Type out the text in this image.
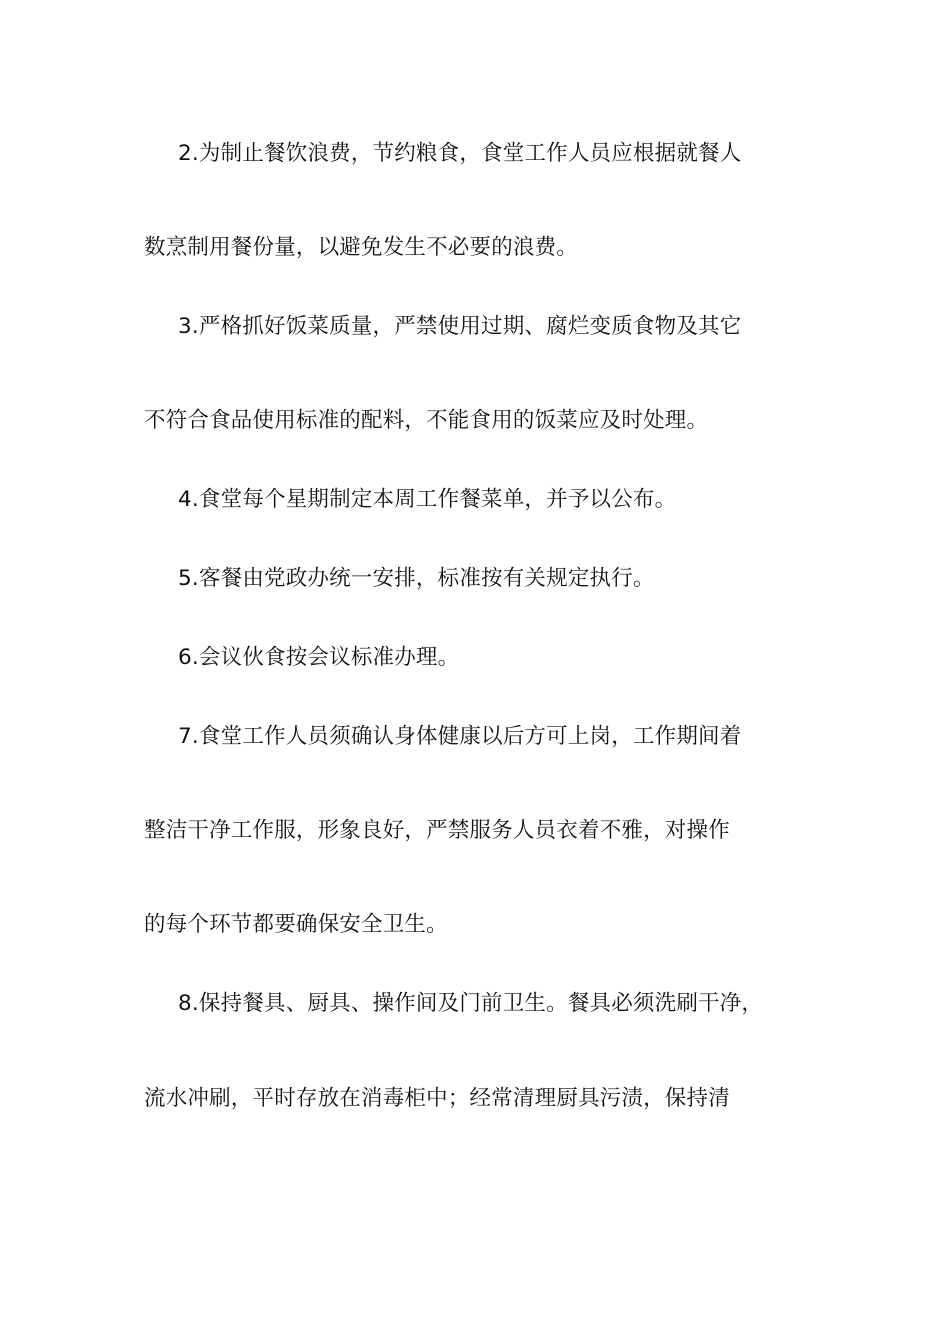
2.为制止餐饮浪费，节约粮食，食堂工作人员应根据就餐人
数烹制用餐份量，以避免发生不必要的浪费。
3.严格抓好饭菜质量，严禁使用过期、腐烂变质食物及其它
不符合食品使用标准的配料，不能食用的饭菜应及时处理。
4.食堂每个星期制定本周工作餐菜单，并予以公布。
5.客餐由党政办统一安排，标准按有关规定执行。
6.会议伙食按会议标准办理。
7.食堂工作人员须确认身体健康以后方可上岗，工作期间着
整洁干净工作服，形象良好，严禁服务人员衣着不雅，对操作
的每个环节都要确保安全卫生。
8.保持餐具、厨具、操作间及门前卫生。餐具必须洗刷干净，
流水冲刷，平时存放在消毒柜中；经常清理厨具污渍，保持清
